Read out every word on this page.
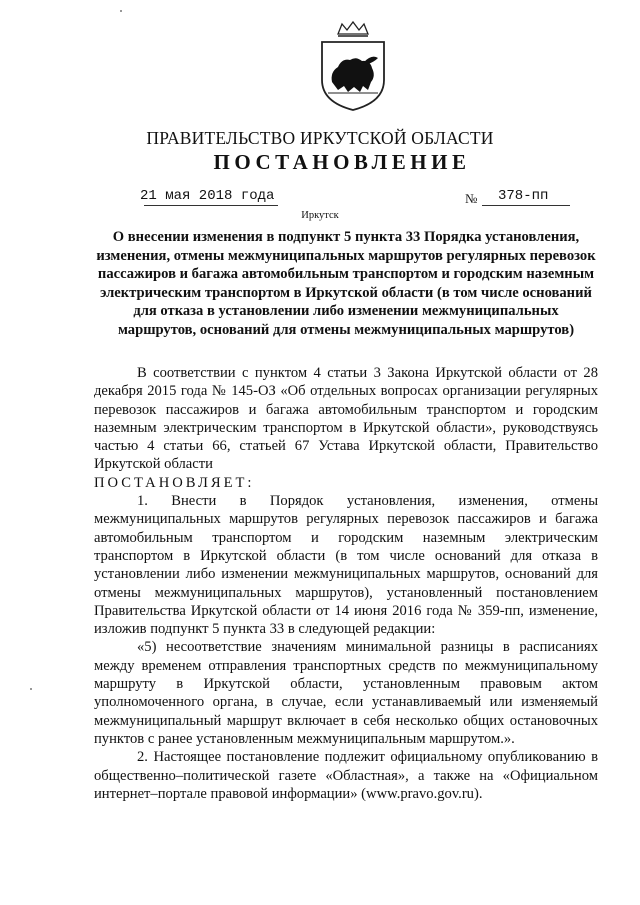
ПРАВИТЕЛЬСТВО ИРКУТСКОЙ ОБЛАСТИ
ПОСТАНОВЛЕНИЕ
21 мая 2018 года	№ 378-пп
Иркутск
О внесении изменения в подпункт 5 пункта 33 Порядка установления, изменения, отмены межмуниципальных маршрутов регулярных перевозок пассажиров и багажа автомобильным транспортом и городским наземным электрическим транспортом в Иркутской области (в том числе оснований для отказа в установлении либо изменении межмуниципальных маршрутов, оснований для отмены межмуниципальных маршрутов)

В соответствии с пунктом 4 статьи 3 Закона Иркутской области от 28 декабря 2015 года № 145-ОЗ «Об отдельных вопросах организации регулярных перевозок пассажиров и багажа автомобильным транспортом и городским наземным электрическим транспортом в Иркутской области», руководствуясь частью 4 статьи 66, статьей 67 Устава Иркутской области, Правительство Иркутской области

ПОСТАНОВЛЯЕТ:

1. Внести в Порядок установления, изменения, отмены межмуниципальных маршрутов регулярных перевозок пассажиров и багажа автомобильным транспортом и городским наземным электрическим транспортом в Иркутской области (в том числе оснований для отказа в установлении либо изменении межмуниципальных маршрутов, оснований для отмены межмуниципальных маршрутов), установленный постановлением Правительства Иркутской области от 14 июня 2016 года № 359-пп, изменение, изложив подпункт 5 пункта 33 в следующей редакции:

«5) несоответствие значениям минимальной разницы в расписаниях между временем отправления транспортных средств по межмуниципальному маршруту в Иркутской области, установленным правовым актом уполномоченного органа, в случае, если устанавливаемый или изменяемый межмуниципальный маршрут включает в себя несколько общих остановочных пунктов с ранее установленным межмуниципальным маршрутом.».

2. Настоящее постановление подлежит официальному опубликованию в общественно–политической газете «Областная», а также на «Официальном интернет–портале правовой информации» (www.pravo.gov.ru).
